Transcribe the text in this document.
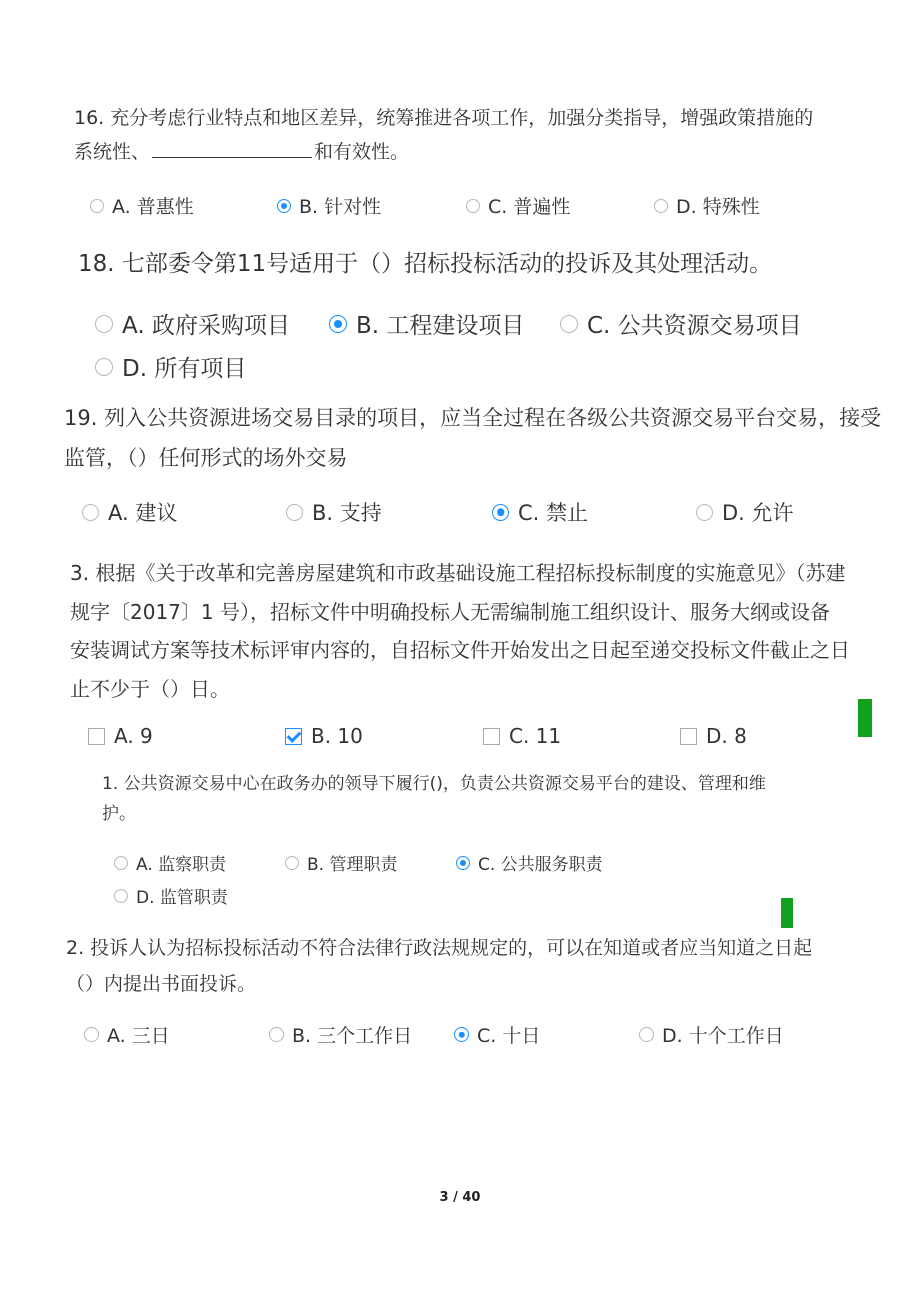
16. 充分考虑行业特点和地区差异，统筹推进各项工作，加强分类指导，增强政策措施的
系统性、	和有效性。

A. 普惠性	B. 针对性	C. 普遍性	D. 特殊性

18. 七部委令第11号适用于（）招标投标活动的投诉及其处理活动。

A. 政府采购项目	B. 工程建设项目	C. 公共资源交易项目
D. 所有项目

19. 列入公共资源进场交易目录的项目，应当全过程在各级公共资源交易平台交易，接受
监管，（）任何形式的场外交易

A. 建议	B. 支持	C. 禁止	D. 允许

3. 根据《关于改革和完善房屋建筑和市政基础设施工程招标投标制度的实施意见》（苏建
规字〔2017〕1 号），招标文件中明确投标人无需编制施工组织设计、服务大纲或设备
安装调试方案等技术标评审内容的，自招标文件开始发出之日起至递交投标文件截止之日
止不少于（）日。

A. 9	B. 10	C. 11	D. 8

1. 公共资源交易中心在政务办的领导下履行()，负责公共资源交易平台的建设、管理和维
护。

A. 监察职责	B. 管理职责	C. 公共服务职责
D. 监管职责

2. 投诉人认为招标投标活动不符合法律行政法规规定的，可以在知道或者应当知道之日起
（）内提出书面投诉。

A. 三日	B. 三个工作日	C. 十日	D. 十个工作日
3 / 40
